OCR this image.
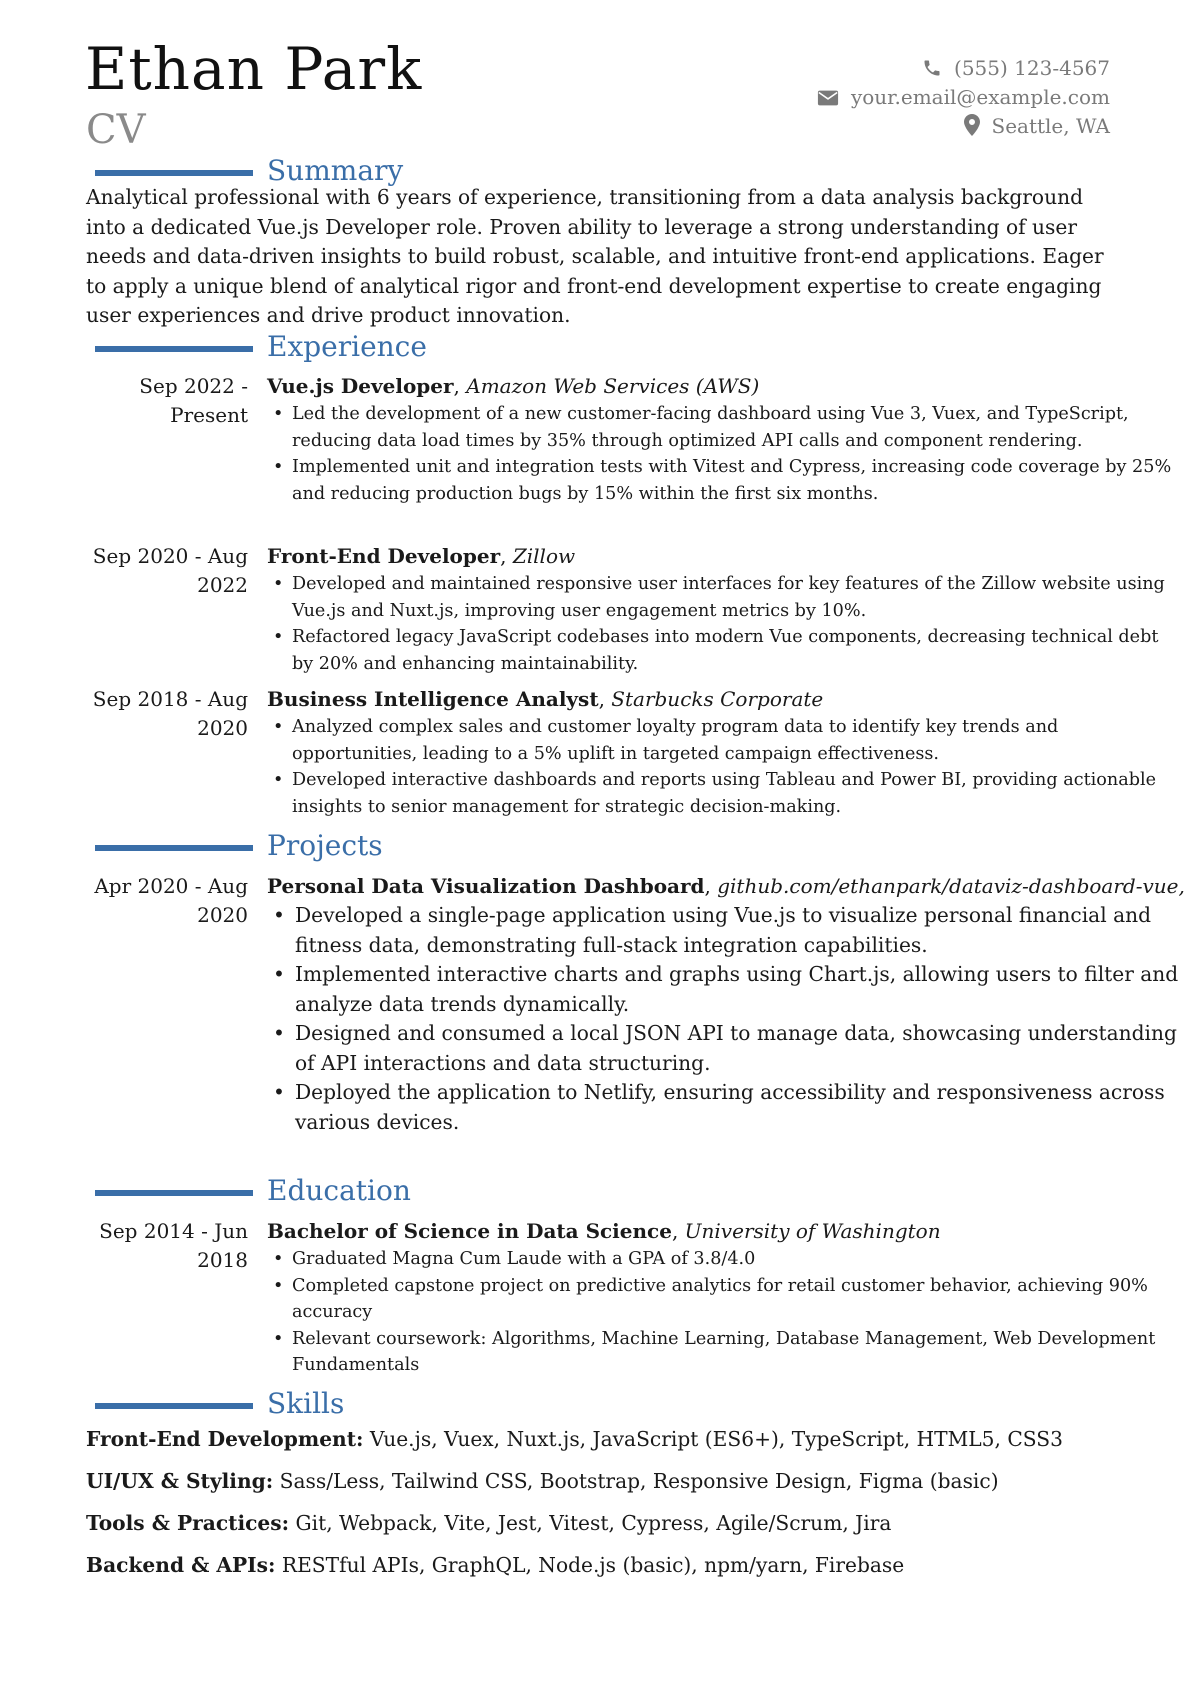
Ethan Park
CV
(555) 123-4567
your.email@example.com
Seattle, WA
Summary
Analytical professional with 6 years of experience, transitioning from a data analysis background into a dedicated Vue.js Developer role. Proven ability to leverage a strong understanding of user needs and data-driven insights to build robust, scalable, and intuitive front-end applications. Eager to apply a unique blend of analytical rigor and front-end development expertise to create engaging user experiences and drive product innovation.
Experience
Sep 2022 - Present
Vue.js Developer, Amazon Web Services (AWS)
• Led the development of a new customer-facing dashboard using Vue 3, Vuex, and TypeScript, reducing data load times by 35% through optimized API calls and component rendering.
• Implemented unit and integration tests with Vitest and Cypress, increasing code coverage by 25% and reducing production bugs by 15% within the first six months.
Sep 2020 - Aug 2022
Front-End Developer, Zillow
• Developed and maintained responsive user interfaces for key features of the Zillow website using Vue.js and Nuxt.js, improving user engagement metrics by 10%.
• Refactored legacy JavaScript codebases into modern Vue components, decreasing technical debt by 20% and enhancing maintainability.
Sep 2018 - Aug 2020
Business Intelligence Analyst, Starbucks Corporate
• Analyzed complex sales and customer loyalty program data to identify key trends and opportunities, leading to a 5% uplift in targeted campaign effectiveness.
• Developed interactive dashboards and reports using Tableau and Power BI, providing actionable insights to senior management for strategic decision-making.
Projects
Apr 2020 - Aug 2020
Personal Data Visualization Dashboard, github.com/ethanpark/dataviz-dashboard-vue,
• Developed a single-page application using Vue.js to visualize personal financial and fitness data, demonstrating full-stack integration capabilities.
• Implemented interactive charts and graphs using Chart.js, allowing users to filter and analyze data trends dynamically.
• Designed and consumed a local JSON API to manage data, showcasing understanding of API interactions and data structuring.
• Deployed the application to Netlify, ensuring accessibility and responsiveness across various devices.
Education
Sep 2014 - Jun 2018
Bachelor of Science in Data Science, University of Washington
• Graduated Magna Cum Laude with a GPA of 3.8/4.0
• Completed capstone project on predictive analytics for retail customer behavior, achieving 90% accuracy
• Relevant coursework: Algorithms, Machine Learning, Database Management, Web Development Fundamentals
Skills
Front-End Development: Vue.js, Vuex, Nuxt.js, JavaScript (ES6+), TypeScript, HTML5, CSS3
UI/UX & Styling: Sass/Less, Tailwind CSS, Bootstrap, Responsive Design, Figma (basic)
Tools & Practices: Git, Webpack, Vite, Jest, Vitest, Cypress, Agile/Scrum, Jira
Backend & APIs: RESTful APIs, GraphQL, Node.js (basic), npm/yarn, Firebase
